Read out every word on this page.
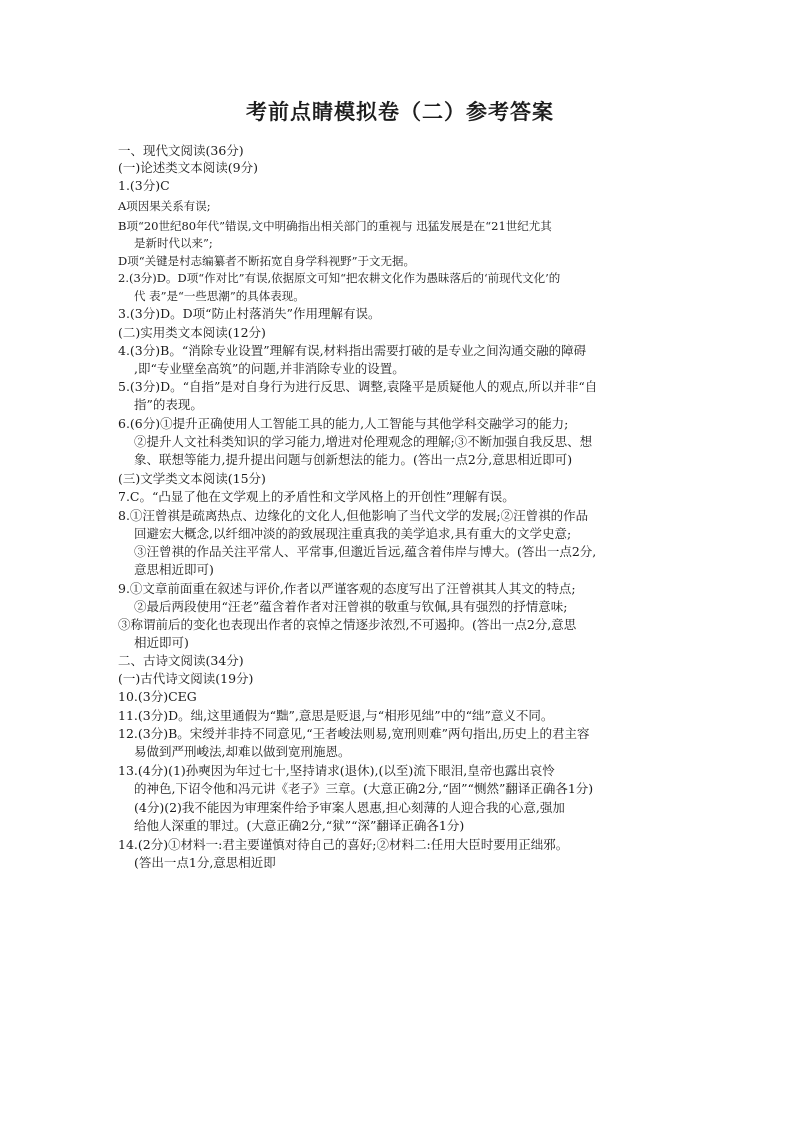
考前点睛模拟卷（二）参考答案
一、现代文阅读(36分)
(一)论述类文本阅读(9分)
1.(3分)C
A项因果关系有误;
B项“20世纪80年代”错误,文中明确指出相关部门的重视与 迅猛发展是在“21世纪尤其
是新时代以来”;
D项“关键是村志编纂者不断拓宽自身学科视野”于文无据。
2.(3分)D。D项“作对比”有误,依据原文可知“把农耕文化作为愚昧落后的‘前现代文化’的
代 表”是“一些思潮”的具体表现。
3.(3分)D。D项“防止村落消失”作用理解有误。
(二)实用类文本阅读(12分)
4.(3分)B。“消除专业设置”理解有误,材料指出需要打破的是专业之间沟通交融的障碍
,即“专业壁垒高筑”的问题,并非消除专业的设置。
5.(3分)D。“自指”是对自身行为进行反思、调整,袁隆平是质疑他人的观点,所以并非“自
指”的表现。
6.(6分)①提升正确使用人工智能工具的能力,人工智能与其他学科交融学习的能力;
②提升人文社科类知识的学习能力,增进对伦理观念的理解;③不断加强自我反思、想
象、联想等能力,提升提出问题与创新想法的能力。(答出一点2分,意思相近即可)
(三)文学类文本阅读(15分)
7.C。“凸显了他在文学观上的矛盾性和文学风格上的开创性”理解有误。
8.①汪曾祺是疏离热点、边缘化的文化人,但他影响了当代文学的发展;②汪曾祺的作品
回避宏大概念,以纤细冲淡的韵致展现注重真我的美学追求,具有重大的文学史意;
③汪曾祺的作品关注平常人、平常事,但邈近旨远,蕴含着伟岸与博大。(答出一点2分,
意思相近即可)
9.①文章前面重在叙述与评价,作者以严谨客观的态度写出了汪曾祺其人其文的特点;
②最后两段使用“汪老”蕴含着作者对汪曾祺的敬重与钦佩,具有强烈的抒情意味;
③称谓前后的变化也表现出作者的哀悼之情逐步浓烈,不可遏抑。(答出一点2分,意思
相近即可)
二、古诗文阅读(34分)
(一)古代诗文阅读(19分)
10.(3分)CEG
11.(3分)D。绌,这里通假为“黜”,意思是贬退,与“相形见绌”中的“绌”意义不同。
12.(3分)B。宋绶并非持不同意见,“王者峻法则易,宽刑则难”两句指出,历史上的君主容
易做到严刑峻法,却难以做到宽刑施恩。
13.(4分)(1)孙奭因为年过七十,坚持请求(退休),(以至)流下眼泪,皇帝也露出哀怜
的神色,下诏令他和冯元讲《老子》三章。(大意正确2分,“固”“恻然”翻译正确各1分)
(4分)(2)我不能因为审理案件给予审案人恩惠,担心刻薄的人迎合我的心意,强加
给他人深重的罪过。(大意正确2分,“狱”“深”翻译正确各1分)
14.(2分)①材料一:君主要谨慎对待自己的喜好;②材料二:任用大臣时要用正绌邪。
(答出一点1分,意思相近即
